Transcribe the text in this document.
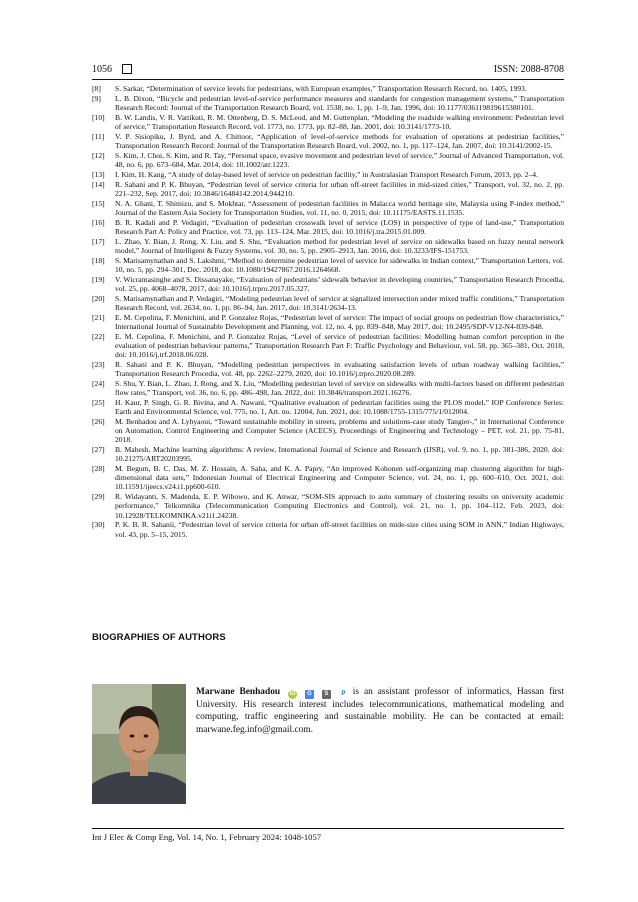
1056	ISSN: 2088-8708
[8]	S. Sarkar, “Determination of service levels for pedestrians, with European examples,” Transportation Research Record, no. 1405, 1993.
[9]	L. B. Dixon, “Bicycle and pedestrian level-of-service performance measures and standards for congestion management systems,” Transportation Research Record: Journal of the Transportation Research Board, vol. 1538, no. 1, pp. 1–9, Jan. 1996, doi: 10.1177/036119819615380101.
[10]	B. W. Landis, V. R. Vattikuti, R. M. Ottenberg, D. S. McLeod, and M. Guttenplan, “Modeling the roadside walking environment: Pedestrian level of service,” Transportation Research Record, vol. 1773, no. 1773, pp. 82–88, Jan. 2001, doi: 10.3141/1773-10.
[11]	V. P. Sisiopiku, J. Byrd, and A. Chittoor, “Application of level-of-service methods for evaluation of operations at pedestrian facilities,” Transportation Research Record: Journal of the Transportation Research Board, vol. 2002, no. 1, pp. 117–124, Jan. 2007, doi: 10.3141/2002-15.
[12]	S. Kim, J. Choi, S. Kim, and R. Tay, “Personal space, evasive movement and pedestrian level of service,” Journal of Advanced Transportation, vol. 48, no. 6, pp. 673–684, Mar. 2014, doi: 10.1002/atr.1223.
[13]	I. Kim, H. Kang, “A study of delay-based level of service on pedestrian facility,” in Australasian Transport Research Forum, 2013, pp. 2–4.
[14]	R. Sahani and P. K. Bhuyan, “Pedestrian level of service criteria for urban off-street facilities in mid-sized cities,” Transport, vol. 32, no. 2, pp. 221–232, Sep. 2017, doi: 10.3846/16484142.2014.944210.
[15]	N. A. Ghani, T. Shimizu, and S. Mokhtar, “Assessment of pedestrian facilities in Malacca world heritage site, Malaysia using P-index method,” Journal of the Eastern Asia Society for Transportation Studies, vol. 11, no. 0, 2015, doi: 10.11175/EASTS.11.1535.
[16]	B. R. Kadali and P. Vedagiri, “Evaluation of pedestrian crosswalk level of service (LOS) in perspective of type of land-use,” Transportation Research Part A: Policy and Practice, vol. 73, pp. 113–124, Mar. 2015, doi: 10.1016/j.tra.2015.01.009.
[17]	L. Zhao, Y. Bian, J. Rong, X. Liu, and S. Shu, “Evaluation method for pedestrian level of service on sidewalks based on fuzzy neural network model,” Journal of Intelligent & Fuzzy Systems, vol. 30, no. 5, pp. 2905–2913, Jan. 2016, doi: 10.3233/IFS-151753.
[18]	S. Marisamynathan and S. Lakshmi, “Method to determine pedestrian level of service for sidewalks in Indian context,” Transportation Letters, vol. 10, no. 5, pp. 294–301, Dec. 2018, doi: 10.1080/19427867.2016.1264668.
[19]	V. Wicramasinghe and S. Dissanayake, “Evaluation of pedestrians’ sidewalk behavior in developing countries,” Transportation Research Procedia, vol. 25, pp. 4068–4078, 2017, doi: 10.1016/j.trpro.2017.05.327.
[20]	S. Marisamynathan and P. Vedagiri, “Modeling pedestrian level of service at signalized intersection under mixed traffic conditions,” Transportation Research Record, vol. 2634, no. 1, pp. 86–94, Jan. 2017, doi: 10.3141/2634-13.
[21]	E. M. Cepolina, F. Menichini, and P. Gonzalez Rojas, “Pedestrian level of service: The impact of social groups on pedestrian flow characteristics,” International Journal of Sustainable Development and Planning, vol. 12, no. 4, pp. 839–848, May 2017, doi: 10.2495/SDP-V12-N4-839-848.
[22]	E. M. Cepolina, F. Menichini, and P. Gonzalez Rojas, “Level of service of pedestrian facilities: Modelling human comfort perception in the evaluation of pedestrian behaviour patterns,” Transportation Research Part F: Traffic Psychology and Behaviour, vol. 58, pp. 365–381, Oct. 2018, doi: 10.1016/j.trf.2018.06.028.
[23]	R. Sahani and P. K. Bhuyan, “Modelling pedestrian perspectives in evaluating satisfaction levels of urban roadway walking facilities,” Transportation Research Procedia, vol. 48, pp. 2262–2279, 2020, doi: 10.1016/j.trpro.2020.08.289.
[24]	S. Shu, Y. Bian, L. Zhao, J. Rong, and X. Liu, “Modelling pedestrian level of service on sidewalks with multi-factors based on different pedestrian flow rates,” Transport, vol. 36, no. 6, pp. 486–498, Jan. 2022, doi: 10.3846/transport.2021.16276.
[25]	H. Kaur, P. Singh, G. R. Bivina, and A. Nawani, “Qualitative evaluation of pedestrian facilities using the PLOS model,” IOP Conference Series: Earth and Environmental Science, vol. 775, no. 1, Art. no. 12004, Jun. 2021, doi: 10.1088/1755-1315/775/1/012004.
[26]	M. Benhadou and A. Lyhyaoui, “Toward sustainable mobility in streets, problems and solutions-case study Tangier-,” in International Conference on Automation, Control Engineering and Computer Science (ACECS), Proceedings of Engineering and Technology – PET, vol. 21, pp. 75-81, 2018.
[27]	B. Mahesh, Machine learning algorithms: A review, International Journal of Science and Research (IJSR), vol. 9, no. 1, pp. 381-386, 2020. doi: 10.21275/ART20203995.
[28]	M. Begum, B. C. Das, M. Z. Hossain, A. Saha, and K. A. Papry, “An improved Kohonen self-organizing map clustering algorithm for high-dimensional data sets,” Indonesian Journal of Electrical Engineering and Computer Science, vol. 24, no. 1, pp. 600–610, Oct. 2021, doi: 10.11591/ijeecs.v24.i1.pp600-610.
[29]	R. Widayanti, S. Madenda, E. P. Wibowo, and K. Anwar, “SOM-SIS approach to auto summary of clustering results on university academic performance,” Telkomnika (Telecommunication Computing Electronics and Control), vol. 21, no. 1, pp. 104–112, Feb. 2023, doi: 10.12928/TELKOMNIKA.v21i1.24238.
[30]	P. K. B. R. Sahanii, “Pedestrian level of service criteria for urban off-street facilities on mide-size cities using SOM in ANN,” Indian Highways, vol. 43, pp. 5–15, 2015.
BIOGRAPHIES OF AUTHORS
Marwane Benhadou iD G S P is an assistant professor of informatics, Hassan first University. His research interest includes telecommunications, mathematical modeling and computing, traffic engineering and sustainable mobility. He can be contacted at email: marwane.feg.info@gmail.com.
Int J Elec & Comp Eng, Vol. 14, No. 1, February 2024: 1048-1057
